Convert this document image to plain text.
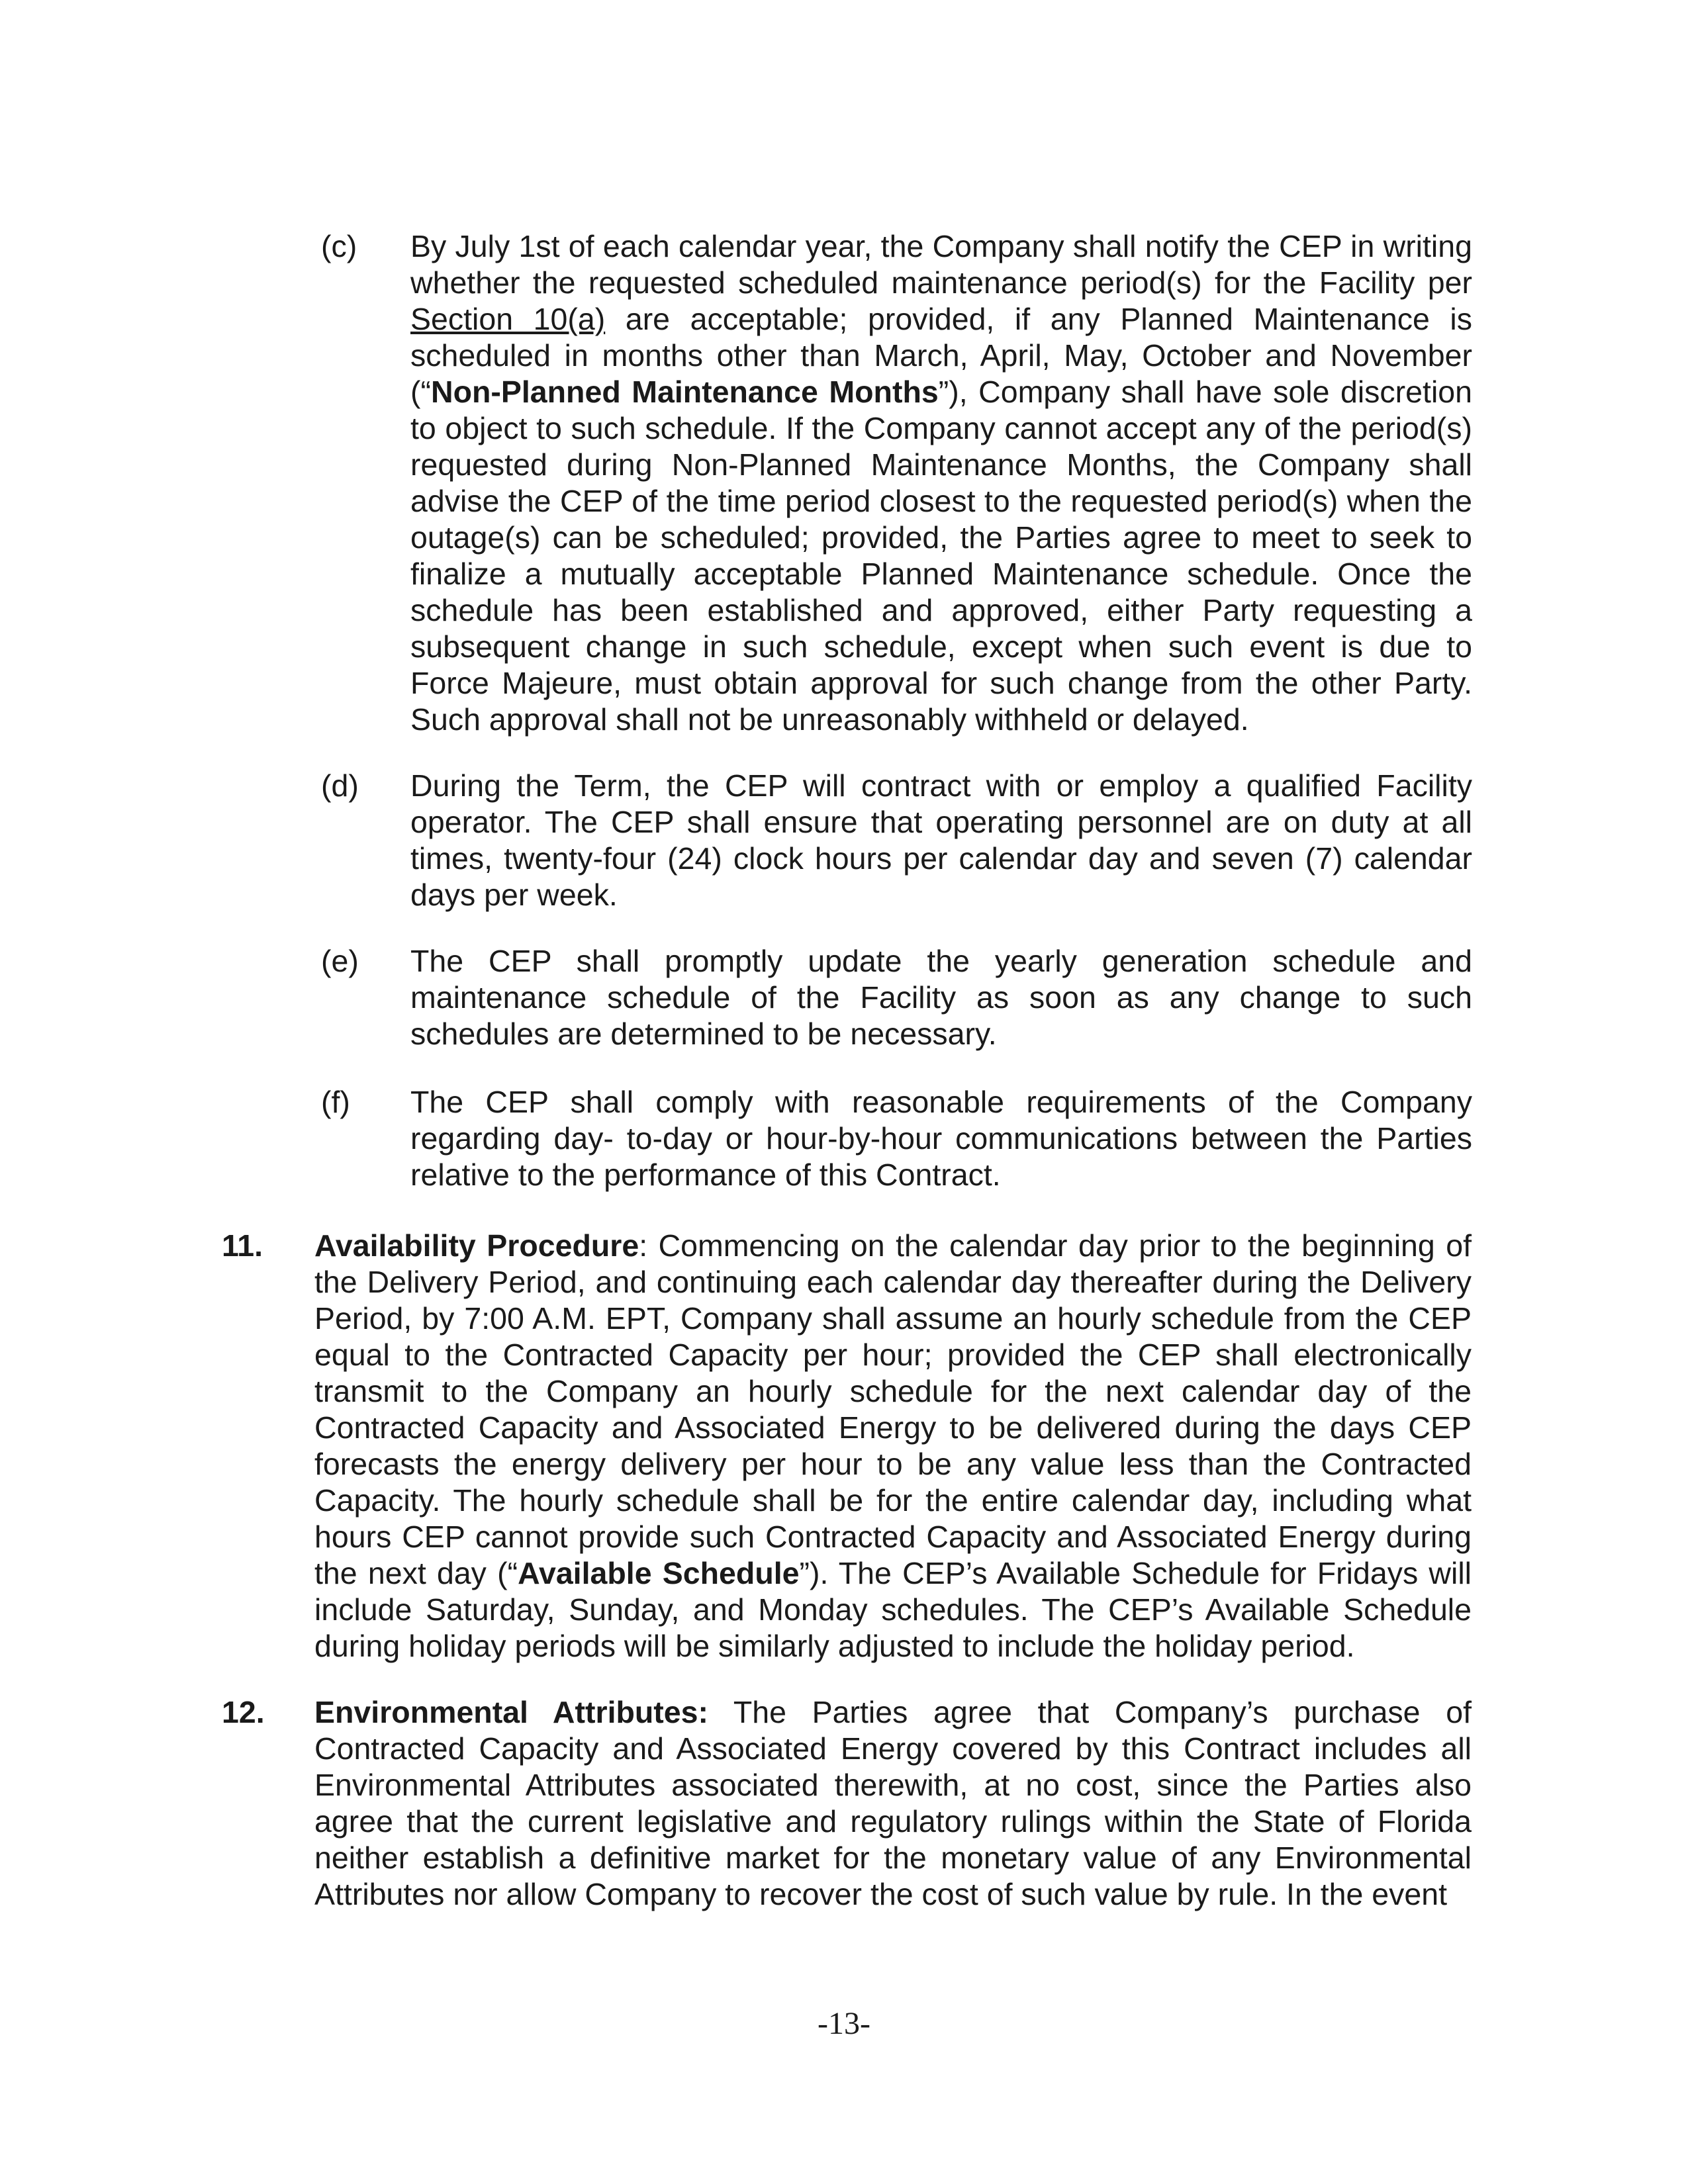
(c) By July 1st of each calendar year, the Company shall notify the CEP in writing whether the requested scheduled maintenance period(s) for the Facility per Section 10(a) are acceptable; provided, if any Planned Maintenance is scheduled in months other than March, April, May, October and November (“Non-Planned Maintenance Months”), Company shall have sole discretion to object to such schedule. If the Company cannot accept any of the period(s) requested during Non-Planned Maintenance Months, the Company shall advise the CEP of the time period closest to the requested period(s) when the outage(s) can be scheduled; provided, the Parties agree to meet to seek to finalize a mutually acceptable Planned Maintenance schedule. Once the schedule has been established and approved, either Party requesting a subsequent change in such schedule, except when such event is due to Force Majeure, must obtain approval for such change from the other Party. Such approval shall not be unreasonably withheld or delayed.

(d) During the Term, the CEP will contract with or employ a qualified Facility operator. The CEP shall ensure that operating personnel are on duty at all times, twenty-four (24) clock hours per calendar day and seven (7) calendar days per week.

(e) The CEP shall promptly update the yearly generation schedule and maintenance schedule of the Facility as soon as any change to such schedules are determined to be necessary.

(f) The CEP shall comply with reasonable requirements of the Company regarding day- to-day or hour-by-hour communications between the Parties relative to the performance of this Contract.

11. Availability Procedure: Commencing on the calendar day prior to the beginning of the Delivery Period, and continuing each calendar day thereafter during the Delivery Period, by 7:00 A.M. EPT, Company shall assume an hourly schedule from the CEP equal to the Contracted Capacity per hour; provided the CEP shall electronically transmit to the Company an hourly schedule for the next calendar day of the Contracted Capacity and Associated Energy to be delivered during the days CEP forecasts the energy delivery per hour to be any value less than the Contracted Capacity. The hourly schedule shall be for the entire calendar day, including what hours CEP cannot provide such Contracted Capacity and Associated Energy during the next day (“Available Schedule”). The CEP’s Available Schedule for Fridays will include Saturday, Sunday, and Monday schedules. The CEP’s Available Schedule during holiday periods will be similarly adjusted to include the holiday period.

12. Environmental Attributes: The Parties agree that Company’s purchase of Contracted Capacity and Associated Energy covered by this Contract includes all Environmental Attributes associated therewith, at no cost, since the Parties also agree that the current legislative and regulatory rulings within the State of Florida neither establish a definitive market for the monetary value of any Environmental Attributes nor allow Company to recover the cost of such value by rule. In the event

-13-
